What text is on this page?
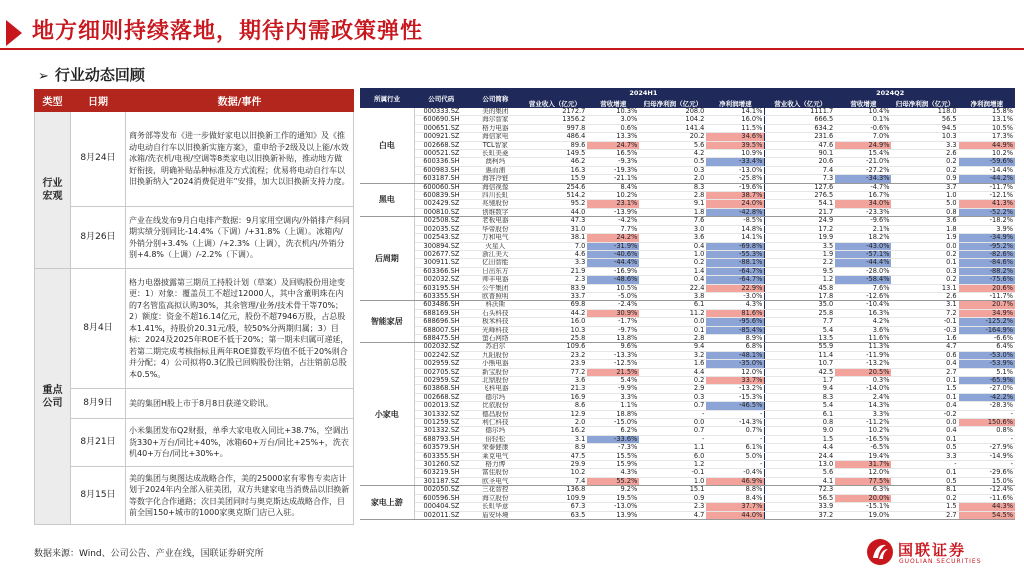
地方细则持续落地，期待内需政策弹性
➢ 行业动态回顾
类型	日期	数据/事件
行业宏观	8月24日	商务部等发布《进一步做好家电以旧换新工作的通知》及《推动电动自行车以旧换新实施方案》，重申给予2级及以上能/水效冰箱/洗衣机/电视/空调等8类家电以旧换新补贴，推动地方做好衔接，明确补贴品种标准及方式流程；优易将电动自行车以旧换新纳入“2024消费促进年”安排，加大以旧换新支持力度。
	8月26日	产业在线发布9月白电排产数据：9月家用空调内/外销排产科同期实绩分别同比-14.4%（下调）/+31.8%（上调）。冰箱内/外销分别+3.4%（上调）/+2.3%（上调），洗衣机内/外销分别+4.8%（上调）/-2.2%（下调）。
重点公司	8月4日	格力电器披露第三期员工持股计划（草案）及回购股份用途变更：1）对象：覆盖员工不超过12000人，其中含董明珠在内的7名管监高拟认购30%，其余管理/业务/技术骨干等70%；2）额度：资金不超16.14亿元，股份不超7946万股，占总股本1.41%，持股价20.31元/股，较50%分两期归属；3）目标：2024及2025年ROE不低于20%；第一期未归属可递延，若第二期完成考核指标且两年ROE算数平均值不低于20%则合并分配；4）公司拟将0.3亿股已回购股份注销，占注销前总股本0.5%。
	8月9日	美的集团H股上市于8月8日获递交聆讯。
	8月21日	小米集团发布Q2财报，单季大家电收入同比+38.7%，空调出货330+万台/同比+40%，冰箱60+万台/同比+25%+，洗衣机40+万台/同比+30%+。
	8月15日	美的集团与奥图达成战略合作，美的25000家有零售专卖店计划于2024年内全部入驻美团，双方共建家电当消费品以旧换新等数字化合作通路；次日美团同时与奥克斯达成战略合作，目前全国150+城市的1000家奥克斯门店已入驻。
所属行业	公司代码	公司简称	2024H1				2024Q2			
			营业收入（亿元）	营收增速	归母净利润（亿元）	净利润增速	营业收入（亿元）	营收增速	归母净利润（亿元）	净利润增速
白电	000333.SZ	美的集团	2172.7	10.3%	208.0	14.1%	1111.7	10.4%	118.0	15.8%
	600690.SH	海尔智家	1356.2	3.0%	104.2	16.0%	666.5	0.1%	56.5	13.1%
	000651.SZ	格力电器	997.8	0.6%	141.4	11.5%	634.2	-0.6%	94.5	10.5%
	000921.SZ	海信家电	486.4	13.3%	20.2	34.6%	231.6	7.0%	10.3	17.3%
	002668.SZ	TCL智家	89.6	24.7%	5.6	39.5%	47.6	24.9%	3.3	44.9%
	000521.SZ	长虹美菱	149.5	16.5%	4.2	10.9%	90.1	15.4%	2.6	10.2%
	600336.SH	澳柯玛	46.2	-9.3%	0.5	-33.4%	20.6	-21.0%	0.2	-59.6%
	600983.SH	惠而浦	16.3	-19.3%	0.3	-13.0%	7.4	-27.2%	0.2	-14.4%
	603187.SH	海容冷链	15.9	-21.1%	2.0	-25.8%	7.3	-34.3%	0.9	-44.2%
黑电	600060.SH	海信视像	254.6	8.4%	8.3	-19.6%	127.6	-4.7%	3.7	-11.7%
	600839.SH	四川长虹	514.2	10.2%	2.8	38.7%	276.5	16.7%	1.0	-12.1%
	002429.SZ	兆驰股份	95.2	23.1%	9.1	24.0%	54.1	34.0%	5.0	41.3%
	000810.SZ	创维数字	44.0	-13.9%	1.8	-42.8%	21.7	-23.3%	0.8	-52.2%
后周期	002508.SZ	老板电器	47.3	-4.2%	7.6	-8.5%	24.9	-9.6%	3.6	-18.2%
	002035.SZ	华帝股份	31.0	7.7%	3.0	14.8%	17.2	2.1%	1.8	3.9%
	002543.SZ	万和电气	38.1	24.2%	3.6	14.1%	19.9	18.2%	1.9	-34.9%
	300894.SZ	火星人	7.0	-31.9%	0.4	-69.8%	3.5	-43.0%	0.0	-95.2%
	002677.SZ	浙江美大	4.6	-40.6%	1.0	-55.3%	1.9	-57.1%	0.2	-82.6%
	300911.SZ	亿田智能	3.3	-44.4%	0.2	-88.1%	2.2	-44.4%	0.1	-84.6%
	603366.SH	日出东方	21.9	-16.9%	1.4	-64.7%	9.5	-28.0%	0.3	-88.2%
	002032.SZ	帅丰电器	2.3	-48.6%	0.4	-64.7%	1.2	-58.4%	0.2	-75.6%
	603195.SH	公牛集团	83.9	10.5%	22.4	22.9%	45.8	7.6%	13.1	20.6%
	603355.SH	欧普照明	33.7	-5.0%	3.8	-3.0%	17.8	-12.6%	2.6	-11.7%
智能家居	603486.SH	科沃斯	69.8	-2.4%	6.1	4.3%	35.0	-10.4%	3.1	20.7%
	688169.SH	石头科技	44.2	30.9%	11.2	81.6%	25.8	16.3%	7.2	34.9%
	688696.SH	极米科技	16.0	-1.7%	0.0	-95.6%	7.7	4.2%	-0.1	-125.2%
	688007.SH	光峰科技	10.3	-9.7%	0.1	-85.4%	5.4	3.6%	-0.3	-164.9%
	688475.SH	萤石网络	25.8	13.8%	2.8	8.9%	13.5	11.6%	1.6	-6.6%
小家电	002032.SZ	苏泊尔	109.6	9.6%	9.4	6.8%	55.9	11.3%	4.7	6.4%
	002242.SZ	九阳股份	23.2	-13.3%	3.2	-48.1%	11.4	-11.9%	0.6	-53.0%
	002959.SZ	小熊电器	23.9	-12.5%	1.6	-35.0%	10.7	-13.2%	0.4	-53.9%
	002705.SZ	新宝股份	77.2	21.5%	4.4	12.0%	42.5	20.5%	2.7	5.1%
	002959.SZ	北鼎股份	3.6	5.4%	0.2	33.7%	1.7	0.3%	0.1	-65.9%
	603868.SH	飞科电器	21.3	-9.9%	2.9	-13.2%	9.4	-14.0%	1.5	-27.0%
	002668.SZ	德尔玛	16.9	3.3%	0.3	-15.3%	8.3	2.4%	0.1	-42.2%
	002013.SZ	比依股份	8.6	1.1%	0.7	-46.5%	5.4	14.3%	0.4	-28.3%
	301332.SZ	德昌股份	12.9	18.8%	-	-	6.1	3.3%	-0.2	-
	001259.SZ	利仁科技	2.0	-15.0%	0.0	-14.3%	0.8	-11.2%	0.0	150.6%
	301332.SZ	德尔玛	16.2	6.2%	0.7	0.7%	9.0	10.2%	0.4	0.8%
	688793.SH	倍轻松	3.1	-33.6%	-	-	1.5	-16.5%	0.1	-
	603579.SH	荣泰健康	8.9	-7.3%	1.1	6.1%	4.4	-6.5%	0.5	-27.9%
	603355.SH	莱克电气	47.5	15.5%	6.0	5.0%	24.4	19.4%	3.3	-14.9%
	301260.SZ	格力博	29.9	15.9%	1.2	-	13.0	31.7%	-	-
	603219.SH	富佳股份	10.2	4.3%	-0.1	-0.4%	5.6	12.0%	0.1	-29.6%
	301187.SZ	欧圣电气	7.4	55.2%	1.0	46.9%	4.1	77.5%	0.5	15.0%
家电上游	002050.SZ	三花智控	136.8	9.2%	15.1	8.8%	72.3	6.3%	8.1	-12.4%
	600596.SH	海立股份	109.9	19.5%	0.9	8.4%	56.5	20.0%	0.2	-11.6%
	000404.SZ	长虹华意	67.3	-13.0%	2.3	37.7%	33.9	-15.1%	1.5	44.3%
	002011.SZ	盾安环境	63.5	13.9%	4.7	44.0%	37.2	19.0%	2.7	54.5%
数据来源：Wind、公司公告、产业在线，国联证券研究所	国联证券
GUOLIAN SECURITIES
